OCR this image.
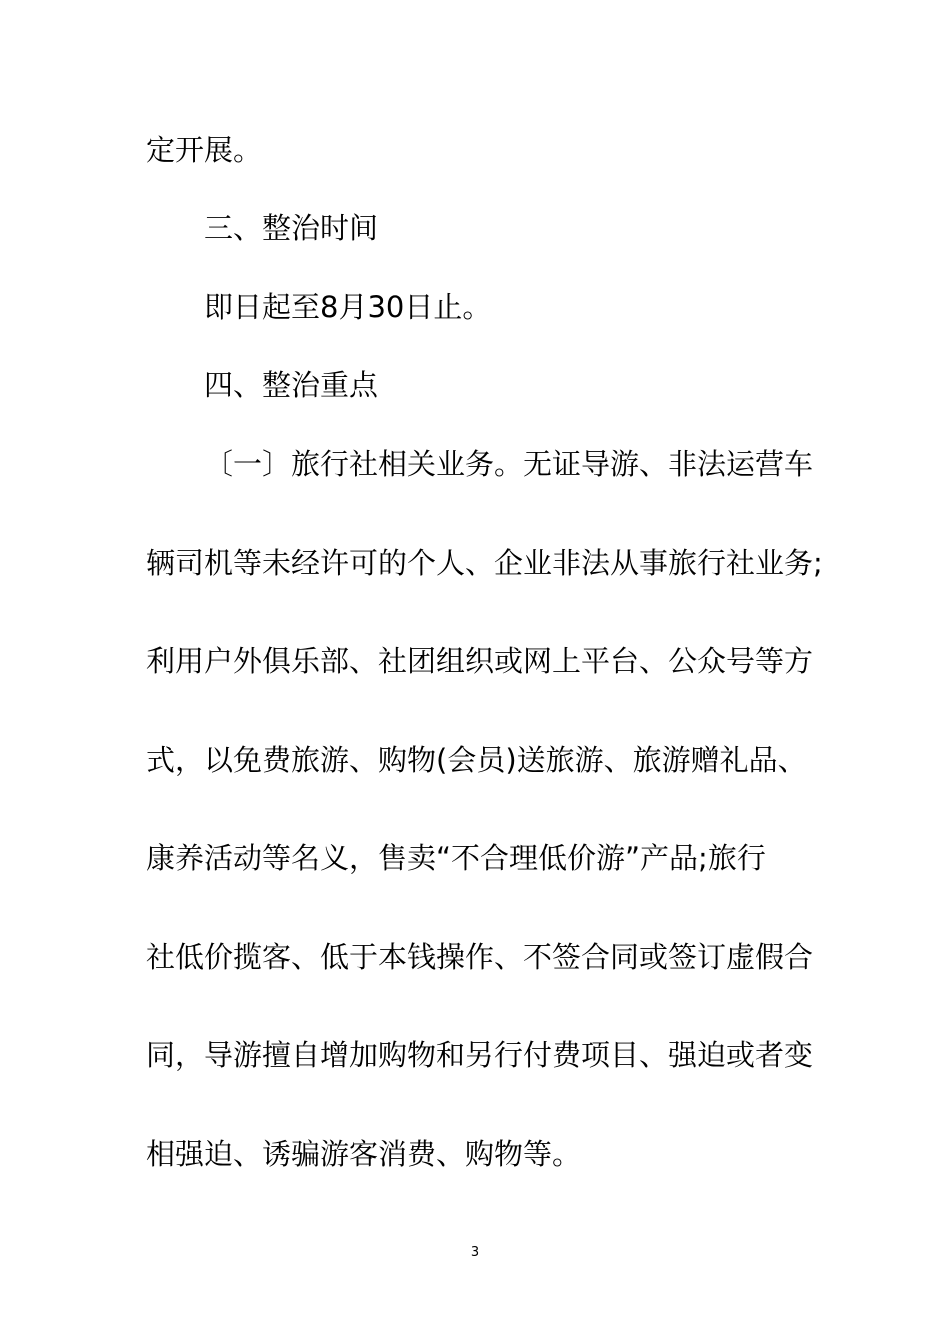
定开展。
三、整治时间
即日起至8月30日止。
四、整治重点
〔一〕旅行社相关业务。无证导游、非法运营车
辆司机等未经许可的个人、企业非法从事旅行社业务;
利用户外俱乐部、社团组织或网上平台、公众号等方
式，以免费旅游、购物(会员)送旅游、旅游赠礼品、
康养活动等名义，售卖“不合理低价游”产品;旅行
社低价揽客、低于本钱操作、不签合同或签订虚假合
同，导游擅自增加购物和另行付费项目、强迫或者变
相强迫、诱骗游客消费、购物等。
3
